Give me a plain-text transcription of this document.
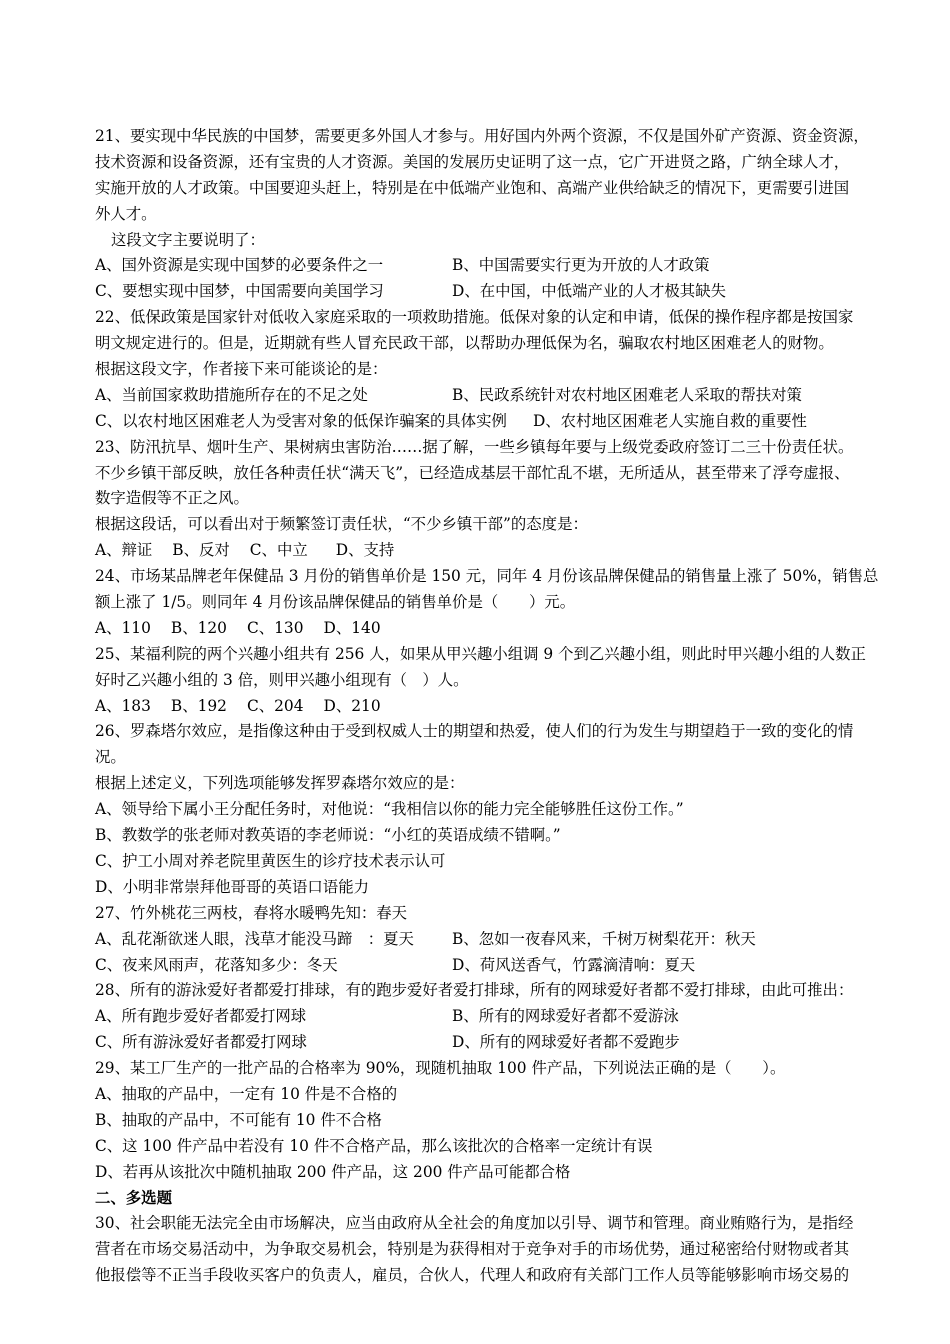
21、要实现中华民族的中国梦，需要更多外国人才参与。用好国内外两个资源，不仅是国外矿产资源、资金资源，
技术资源和设备资源，还有宝贵的人才资源。美国的发展历史证明了这一点，它广开进贤之路，广纳全球人才，
实施开放的人才政策。中国要迎头赶上，特别是在中低端产业饱和、高端产业供给缺乏的情况下，更需要引进国
外人才。
这段文字主要说明了：
A、国外资源是实现中国梦的必要条件之一	B、中国需要实行更为开放的人才政策
C、要想实现中国梦，中国需要向美国学习	D、在中国，中低端产业的人才极其缺失
22、低保政策是国家针对低收入家庭采取的一项救助措施。低保对象的认定和申请，低保的操作程序都是按国家
明文规定进行的。但是，近期就有些人冒充民政干部，以帮助办理低保为名，骗取农村地区困难老人的财物。
根据这段文字，作者接下来可能谈论的是：
A、当前国家救助措施所存在的不足之处	B、民政系统针对农村地区困难老人采取的帮扶对策
C、以农村地区困难老人为受害对象的低保诈骗案的具体实例 D、农村地区困难老人实施自救的重要性
23、防汛抗旱、烟叶生产、果树病虫害防治……据了解，一些乡镇每年要与上级党委政府签订二三十份责任状。
不少乡镇干部反映，放任各种责任状“满天飞”，已经造成基层干部忙乱不堪，无所适从，甚至带来了浮夸虚报、
数字造假等不正之风。
根据这段话，可以看出对于频繁签订责任状，“不少乡镇干部”的态度是：
A、辩证 B、反对 C、中立 D、支持
24、市场某品牌老年保健品 3 月份的销售单价是 150 元，同年 4 月份该品牌保健品的销售量上涨了 50%，销售总
额上涨了 1/5。则同年 4 月份该品牌保健品的销售单价是（　　）元。
A、110 B、120 C、130 D、140
25、某福利院的两个兴趣小组共有 256 人，如果从甲兴趣小组调 9 个到乙兴趣小组，则此时甲兴趣小组的人数正
好时乙兴趣小组的 3 倍，则甲兴趣小组现有（　）人。
A、183 B、192 C、204 D、210
26、罗森塔尔效应，是指像这种由于受到权威人士的期望和热爱，使人们的行为发生与期望趋于一致的变化的情
况。
根据上述定义，下列选项能够发挥罗森塔尔效应的是：
A、领导给下属小王分配任务时，对他说：“我相信以你的能力完全能够胜任这份工作。”
B、教数学的张老师对教英语的李老师说：“小红的英语成绩不错啊。”
C、护工小周对养老院里黄医生的诊疗技术表示认可
D、小明非常崇拜他哥哥的英语口语能力
27、竹外桃花三两枝，春将水暖鸭先知：春天
A、乱花渐欲迷人眼，浅草才能没马蹄　：夏天 B、忽如一夜春风来，千树万树梨花开：秋天
C、夜来风雨声，花落知多少：冬天	D、荷风送香气，竹露滴清响：夏天
28、所有的游泳爱好者都爱打排球，有的跑步爱好者爱打排球，所有的网球爱好者都不爱打排球，由此可推出：
A、所有跑步爱好者都爱打网球	B、所有的网球爱好者都不爱游泳
C、所有游泳爱好者都爱打网球	D、所有的网球爱好者都不爱跑步
29、某工厂生产的一批产品的合格率为 90%，现随机抽取 100 件产品，下列说法正确的是（　　）。
A、抽取的产品中，一定有 10 件是不合格的
B、抽取的产品中，不可能有 10 件不合格
C、这 100 件产品中若没有 10 件不合格产品，那么该批次的合格率一定统计有误
D、若再从该批次中随机抽取 200 件产品，这 200 件产品可能都合格
二、多选题
30、社会职能无法完全由市场解决，应当由政府从全社会的角度加以引导、调节和管理。商业贿赂行为，是指经
营者在市场交易活动中，为争取交易机会，特别是为获得相对于竞争对手的市场优势，通过秘密给付财物或者其
他报偿等不正当手段收买客户的负责人，雇员，合伙人，代理人和政府有关部门工作人员等能够影响市场交易的
